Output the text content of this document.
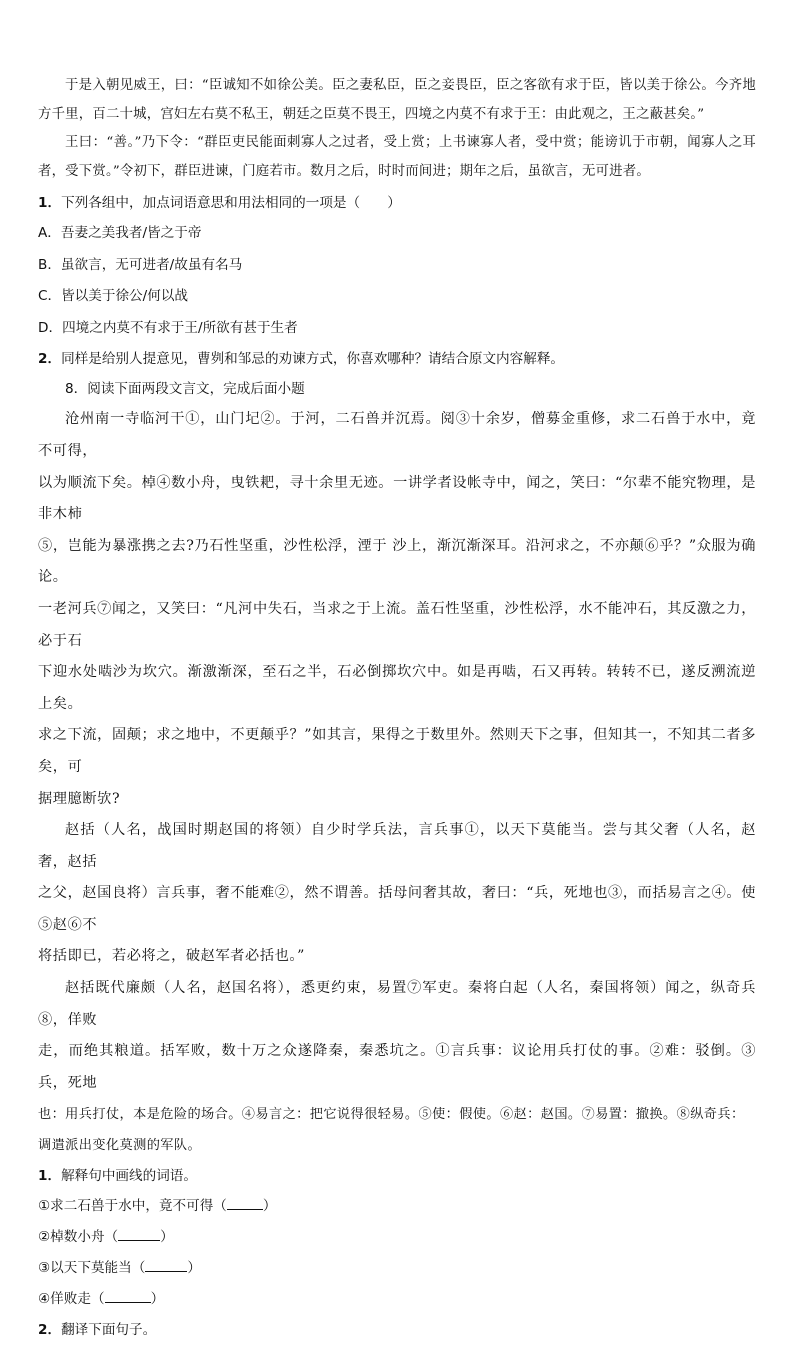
于是入朝见威王，曰：“臣诚知不如徐公美。臣之妻私臣，臣之妾畏臣，臣之客欲有求于臣，皆以美于徐公。今齐地方千里，百二十城，宫妇左右莫不私王，朝廷之臣莫不畏王，四境之内莫不有求于王：由此观之，王之蔽甚矣。”

王曰：“善。”乃下令：“群臣吏民能面刺寡人之过者，受上赏；上书谏寡人者，受中赏；能谤讥于市朝，闻寡人之耳者，受下赏。”令初下，群臣进谏，门庭若市。数月之后，时时而间进；期年之后，虽欲言，无可进者。

1．下列各组中，加点词语意思和用法相同的一项是（　　）

A．吾妻之美我者/皆之于帝

B．虽欲言，无可进者/故虽有名马

C．皆以美于徐公/何以战

D．四境之内莫不有求于王/所欲有甚于生者

2．同样是给别人提意见，曹刿和邹忌的劝谏方式，你喜欢哪种？请结合原文内容解释。

8．阅读下面两段文言文，完成后面小题

沧州南一寺临河干①，山门圮②。于河，二石兽并沉焉。阅③十余岁，僧募金重修，求二石兽于水中，竟不可得，

以为顺流下矣。棹④数小舟，曳铁耙，寻十余里无迹。一讲学者设帐寺中，闻之，笑曰：“尔辈不能究物理，是非木柿

⑤，岂能为暴涨携之去?乃石性坚重，沙性松浮，湮于 沙上，渐沉渐深耳。沿河求之，不亦颠⑥乎？”众服为确论。

一老河兵⑦闻之，又笑曰：“凡河中失石，当求之于上流。盖石性坚重，沙性松浮，水不能冲石，其反激之力，必于石

下迎水处啮沙为坎穴。渐激渐深，至石之半，石必倒掷坎穴中。如是再啮，石又再转。转转不已，遂反溯流逆上矣。

求之下流，固颠；求之地中，不更颠乎？”如其言，果得之于数里外。然则天下之事，但知其一，不知其二者多矣，可

据理臆断欤?

赵括（人名，战国时期赵国的将领）自少时学兵法，言兵事①，以天下莫能当。尝与其父奢（人名，赵奢，赵括

之父，赵国良将）言兵事，奢不能难②，然不谓善。括母问奢其故，奢曰：“兵，死地也③，而括易言之④。使⑤赵⑥不

将括即已，若必将之，破赵军者必括也。”

赵括既代廉颇（人名，赵国名将），悉更约束，易置⑦军吏。秦将白起（人名，秦国将领）闻之，纵奇兵⑧，佯败

走，而绝其粮道。括军败，数十万之众遂降秦，秦悉坑之。①言兵事：议论用兵打仗的事。②难：驳倒。③兵，死地

也：用兵打仗，本是危险的场合。④易言之：把它说得很轻易。⑤使：假使。⑥赵：赵国。⑦易置：撤换。⑧纵奇兵：

调遣派出变化莫测的军队。

1．解释句中画线的词语。

①求二石兽于水中，竟不可得（	）

②棹数小舟（	）

③以天下莫能当（	）

④佯败走（	）

2．翻译下面句子。
